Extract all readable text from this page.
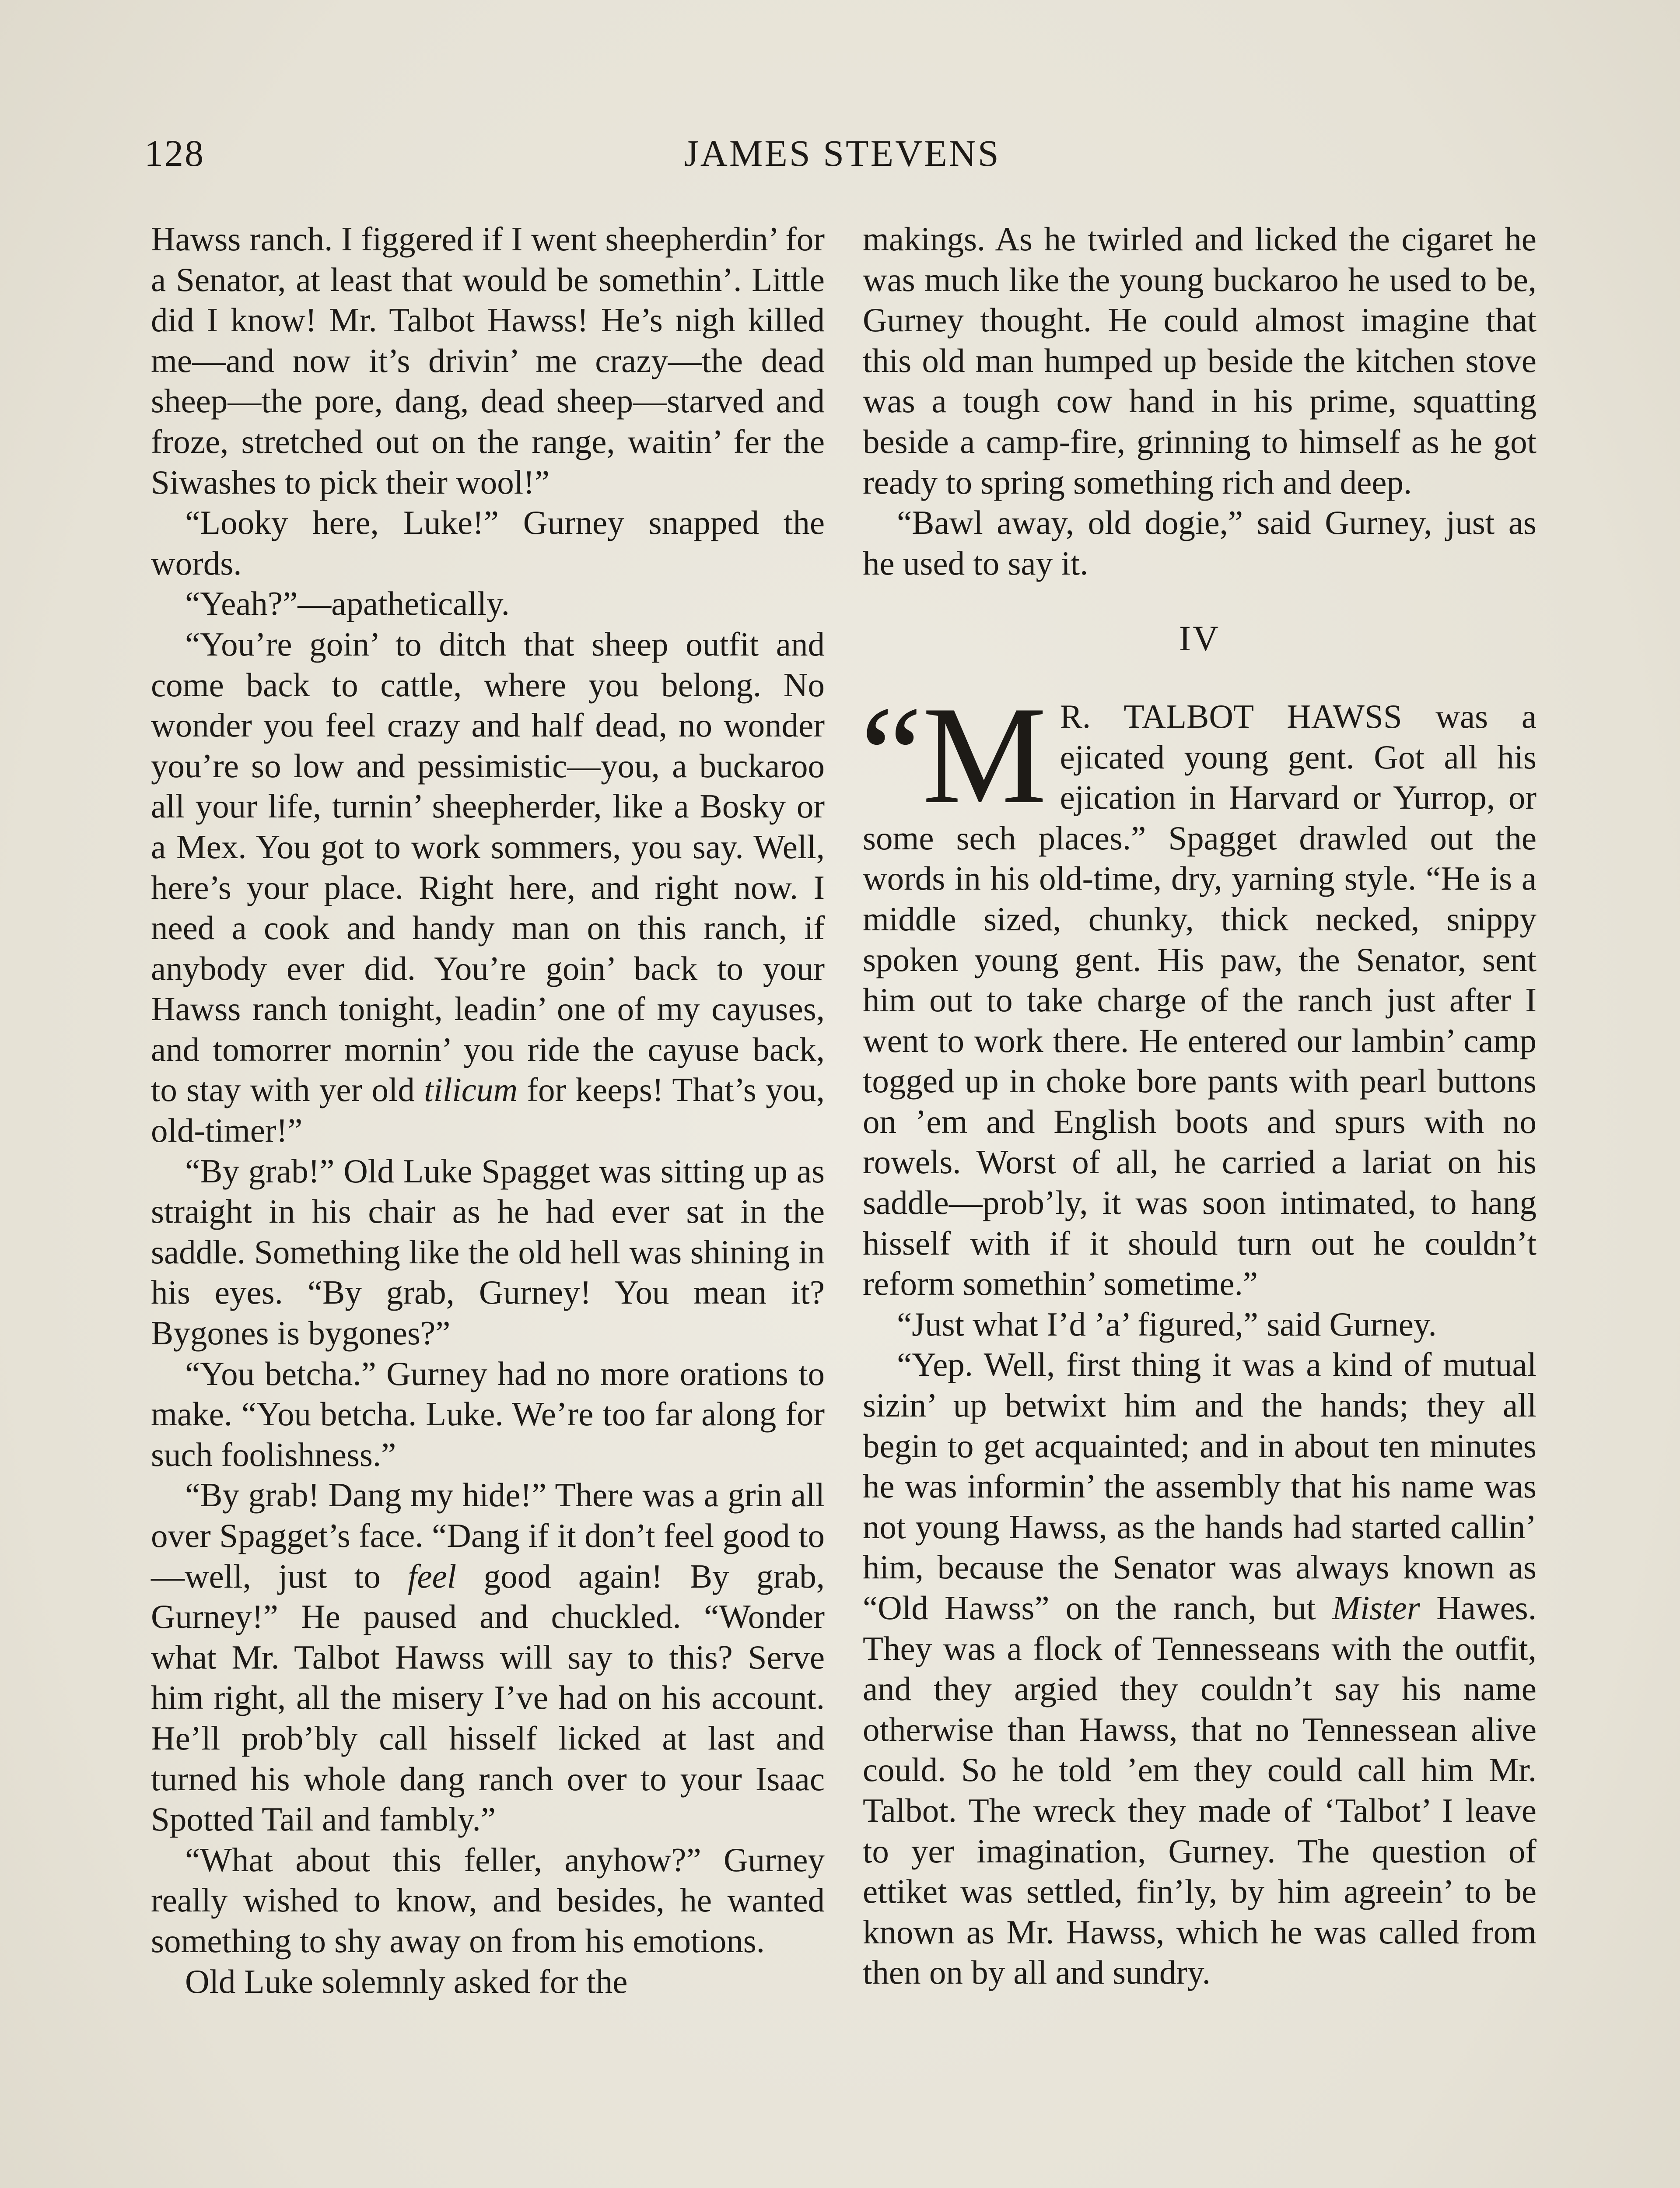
128	JAMES STEVENS

Hawss ranch. I figgered if I went sheepherdin’ for a Senator, at least that would be somethin’. Little did I know! Mr. Talbot Hawss! He’s nigh killed me—and now it’s drivin’ me crazy—the dead sheep—the pore, dang, dead sheep—starved and froze, stretched out on the range, waitin’ fer the Siwashes to pick their wool!”

“Looky here, Luke!” Gurney snapped the words.

“Yeah?”—apathetically.

“You’re goin’ to ditch that sheep outfit and come back to cattle, where you belong. No wonder you feel crazy and half dead, no wonder you’re so low and pessimistic—you, a buckaroo all your life, turnin’ sheepherder, like a Bosky or a Mex. You got to work sommers, you say. Well, here’s your place. Right here, and right now. I need a cook and handy man on this ranch, if anybody ever did. You’re goin’ back to your Hawss ranch tonight, leadin’ one of my cayuses, and tomorrer mornin’ you ride the cayuse back, to stay with yer old tilicum for keeps! That’s you, old-timer!”

“By grab!” Old Luke Spagget was sitting up as straight in his chair as he had ever sat in the saddle. Something like the old hell was shining in his eyes. “By grab, Gurney! You mean it? Bygones is bygones?”

“You betcha.” Gurney had no more orations to make. “You betcha. Luke. We’re too far along for such foolishness.”

“By grab! Dang my hide!” There was a grin all over Spagget’s face. “Dang if it don’t feel good to—well, just to feel good again! By grab, Gurney!” He paused and chuckled. “Wonder what Mr. Talbot Hawss will say to this? Serve him right, all the misery I’ve had on his account. He’ll prob’bly call hisself licked at last and turned his whole dang ranch over to your Isaac Spotted Tail and fambly.”

“What about this feller, anyhow?” Gurney really wished to know, and besides, he wanted something to shy away on from his emotions.

Old Luke solemnly asked for the

makings. As he twirled and licked the cigaret he was much like the young buckaroo he used to be, Gurney thought. He could almost imagine that this old man humped up beside the kitchen stove was a tough cow hand in his prime, squatting beside a camp-fire, grinning to himself as he got ready to spring something rich and deep.

“Bawl away, old dogie,” said Gurney, just as he used to say it.

IV

“M R. TALBOT HAWSS was a ejicated young gent. Got all his ejication in Harvard or Yurrop, or some sech places.” Spagget drawled out the words in his old-time, dry, yarning style. “He is a middle sized, chunky, thick necked, snippy spoken young gent. His paw, the Senator, sent him out to take charge of the ranch just after I went to work there. He entered our lambin’ camp togged up in choke bore pants with pearl buttons on ’em and English boots and spurs with no rowels. Worst of all, he carried a lariat on his saddle—prob’ly, it was soon intimated, to hang hisself with if it should turn out he couldn’t reform somethin’ sometime.”

“Just what I’d ’a’ figured,” said Gurney.

“Yep. Well, first thing it was a kind of mutual sizin’ up betwixt him and the hands; they all begin to get acquainted; and in about ten minutes he was informin’ the assembly that his name was not young Hawss, as the hands had started callin’ him, because the Senator was always known as “Old Hawss” on the ranch, but Mister Hawes. They was a flock of Tennesseans with the outfit, and they argied they couldn’t say his name otherwise than Hawss, that no Tennessean alive could. So he told ’em they could call him Mr. Talbot. The wreck they made of ‘Talbot’ I leave to yer imagination, Gurney. The question of ettiket was settled, fin’ly, by him agreein’ to be known as Mr. Hawss, which he was called from then on by all and sundry.
